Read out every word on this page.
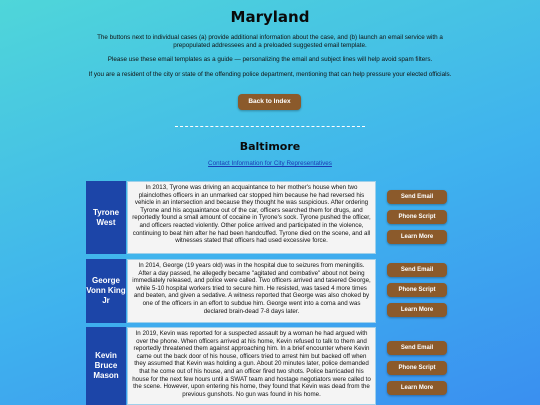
Maryland

The buttons next to individual cases (a) provide additional information about the case, and (b) launch an email service with a prepopulated addressees and a preloaded suggested email template.

Please use these email templates as a guide — personalizing the email and subject lines will help avoid spam filters.

If you are a resident of the city or state of the offending police department, mentioning that can help pressure your elected officials.

Back to Index
Baltimore
Contact Information for City Representatives
Tyrone West
In 2013, Tyrone was driving an acquaintance to her mother's house when two plainclothes officers in an unmarked car stopped him because he had reversed his vehicle in an intersection and because they thought he was suspicious. After ordering Tyrone and his acquaintance out of the car, officers searched them for drugs, and reportedly found a small amount of cocaine in Tyrone's sock. Tyrone pushed the officer, and officers reacted violently. Other police arrived and participated in the violence, continuing to beat him after he had been handcuffed. Tyrone died on the scene, and all witnesses stated that officers had used excessive force.
Send Email
Phone Script
Learn More
George Vonn King Jr
In 2014, George (19 years old) was in the hospital due to seizures from meningitis. After a day passed, he allegedly became "agitated and combative" about not being immediately released, and police were called. Two officers arrived and tasered George, while 5-10 hospital workers tried to secure him. He resisted, was tased 4 more times and beaten, and given a sedative. A witness reported that George was also choked by one of the officers in an effort to subdue him. George went into a coma and was declared brain-dead 7-8 days later.
Send Email
Phone Script
Learn More
Kevin Bruce Mason
In 2019, Kevin was reported for a suspected assault by a woman he had argued with over the phone. When officers arrived at his home, Kevin refused to talk to them and reportedly threatened them against approaching him. In a brief encounter where Kevin came out the back door of his house, officers tried to arrest him but backed off when they assumed that Kevin was holding a gun. About 20 minutes later, police demanded that he come out of his house, and an officer fired two shots. Police barricaded his house for the next few hours until a SWAT team and hostage negotiators were called to the scene. However, upon entering his home, they found that Kevin was dead from the previous gunshots. No gun was found in his home.
Send Email
Phone Script
Learn More
